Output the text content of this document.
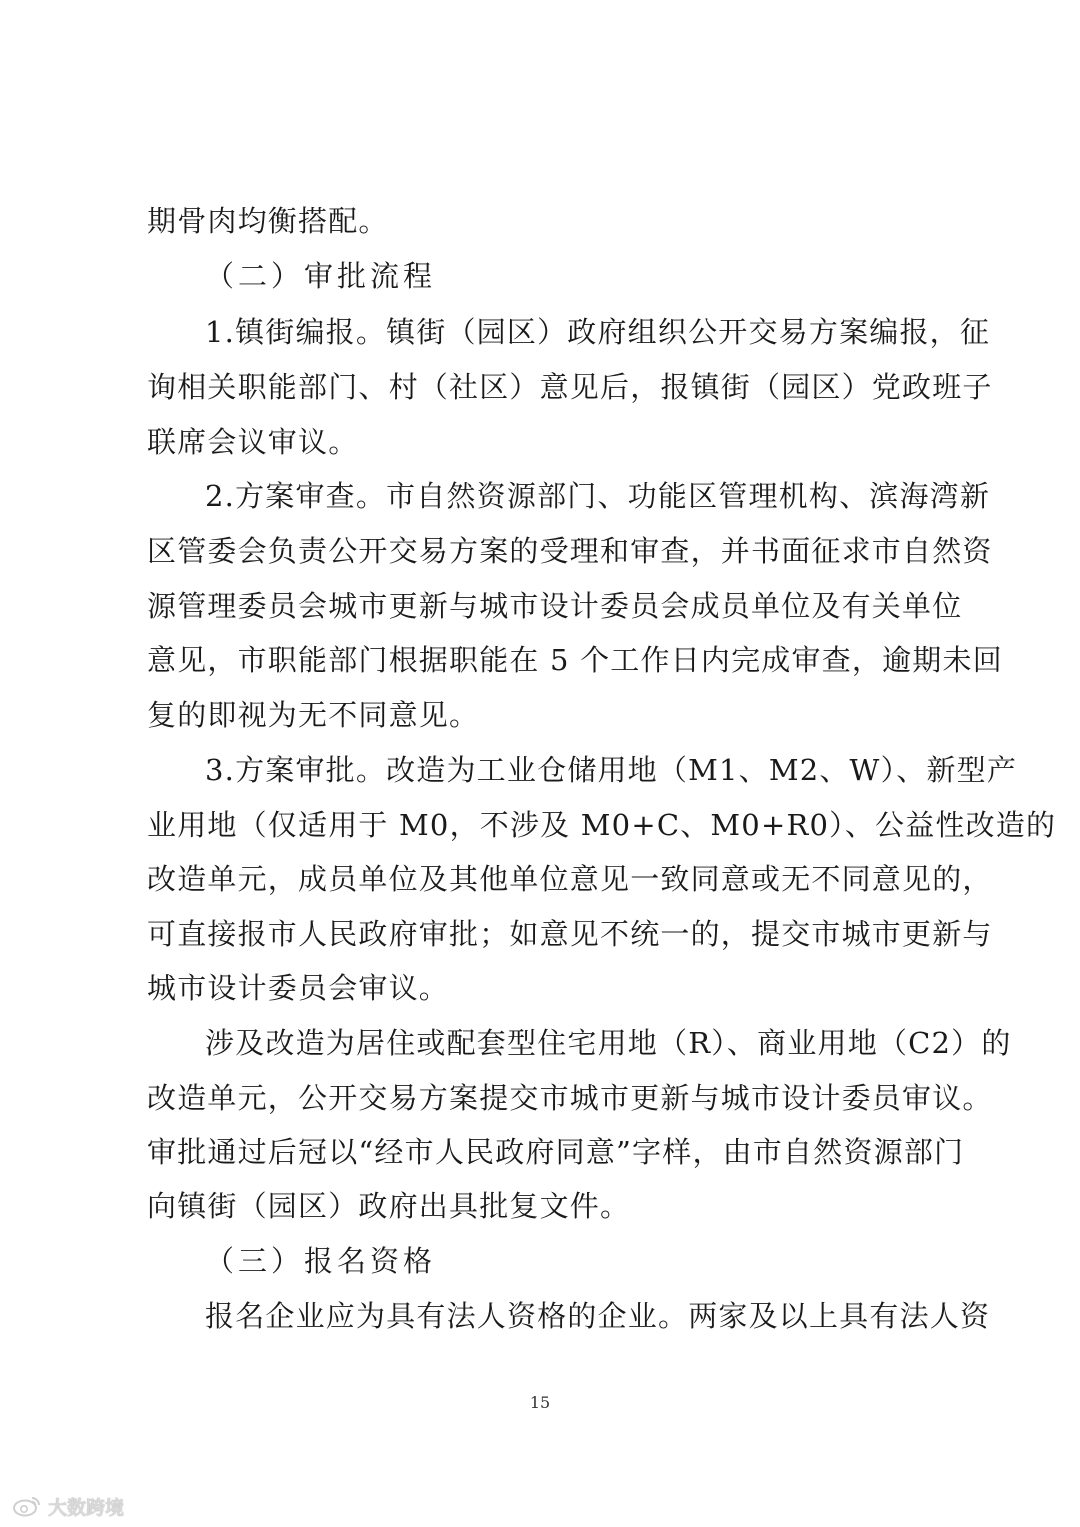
期骨肉均衡搭配。
（二）审批流程
1.镇街编报。镇街（园区）政府组织公开交易方案编报，征
询相关职能部门、村（社区）意见后，报镇街（园区）党政班子
联席会议审议。
2.方案审查。市自然资源部门、功能区管理机构、滨海湾新
区管委会负责公开交易方案的受理和审查，并书面征求市自然资
源管理委员会城市更新与城市设计委员会成员单位及有关单位
意见，市职能部门根据职能在 5 个工作日内完成审查，逾期未回
复的即视为无不同意见。
3.方案审批。改造为工业仓储用地（M1、M2、W）、新型产
业用地（仅适用于 M0，不涉及 M0+C、M0+R0）、公益性改造的
改造单元，成员单位及其他单位意见一致同意或无不同意见的，
可直接报市人民政府审批；如意见不统一的，提交市城市更新与
城市设计委员会审议。
涉及改造为居住或配套型住宅用地（R）、商业用地（C2）的
改造单元，公开交易方案提交市城市更新与城市设计委员审议。
审批通过后冠以“经市人民政府同意”字样，由市自然资源部门
向镇街（园区）政府出具批复文件。
（三）报名资格
报名企业应为具有法人资格的企业。两家及以上具有法人资
15
大数跨境
